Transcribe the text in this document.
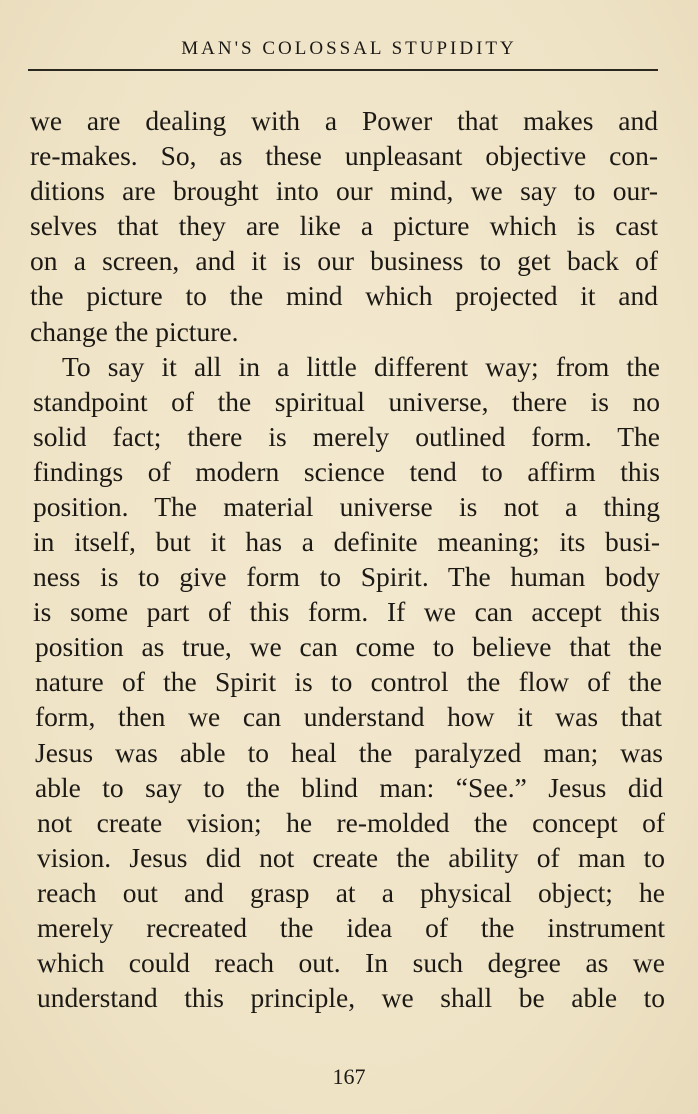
MAN'S COLOSSAL STUPIDITY
we are dealing with a Power that makes and
re-makes. So, as these unpleasant objective con-
ditions are brought into our mind, we say to our-
selves that they are like a picture which is cast
on a screen, and it is our business to get back of
the picture to the mind which projected it and
change the picture.
To say it all in a little different way; from the
standpoint of the spiritual universe, there is no
solid fact; there is merely outlined form. The
findings of modern science tend to affirm this
position. The material universe is not a thing
in itself, but it has a definite meaning; its busi-
ness is to give form to Spirit. The human body
is some part of this form. If we can accept this
position as true, we can come to believe that the
nature of the Spirit is to control the flow of the
form, then we can understand how it was that
Jesus was able to heal the paralyzed man; was
able to say to the blind man: “See.” Jesus did
not create vision; he re-molded the concept of
vision. Jesus did not create the ability of man to
reach out and grasp at a physical object; he
merely recreated the idea of the instrument
which could reach out. In such degree as we
understand this principle, we shall be able to
167
